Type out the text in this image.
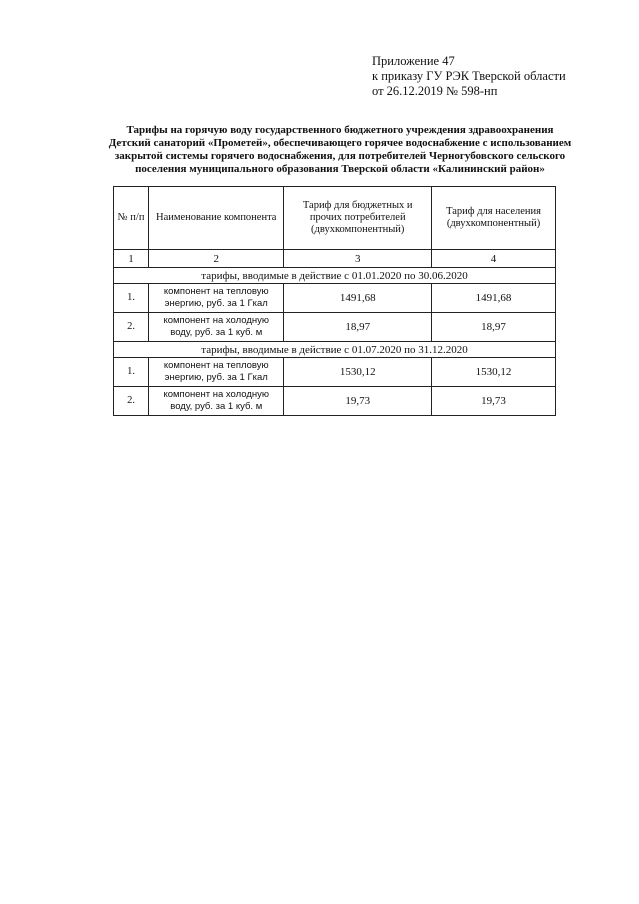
Приложение 47
к приказу ГУ РЭК Тверской области
от 26.12.2019 № 598-нп
Тарифы на горячую воду государственного бюджетного учреждения здравоохранения
Детский санаторий «Прометей», обеспечивающего горячее водоснабжение с использованием
закрытой системы горячего водоснабжения, для потребителей Черногубовского сельского
поселения муниципального образования Тверской области «Калининский район»
№ п/п	Наименование компонента	Тариф для бюджетных и прочих потребителей (двухкомпонентный)	Тариф для населения (двухкомпонентный)
1	2	3	4
тарифы, вводимые в действие с 01.01.2020 по 30.06.2020			
1.	компонент на тепловую энергию, руб. за 1 Гкал	1491,68	1491,68
2.	компонент на холодную воду, руб. за 1 куб. м	18,97	18,97
тарифы, вводимые в действие с 01.07.2020 по 31.12.2020			
1.	компонент на тепловую энергию, руб. за 1 Гкал	1530,12	1530,12
2.	компонент на холодную воду, руб. за 1 куб. м	19,73	19,73
